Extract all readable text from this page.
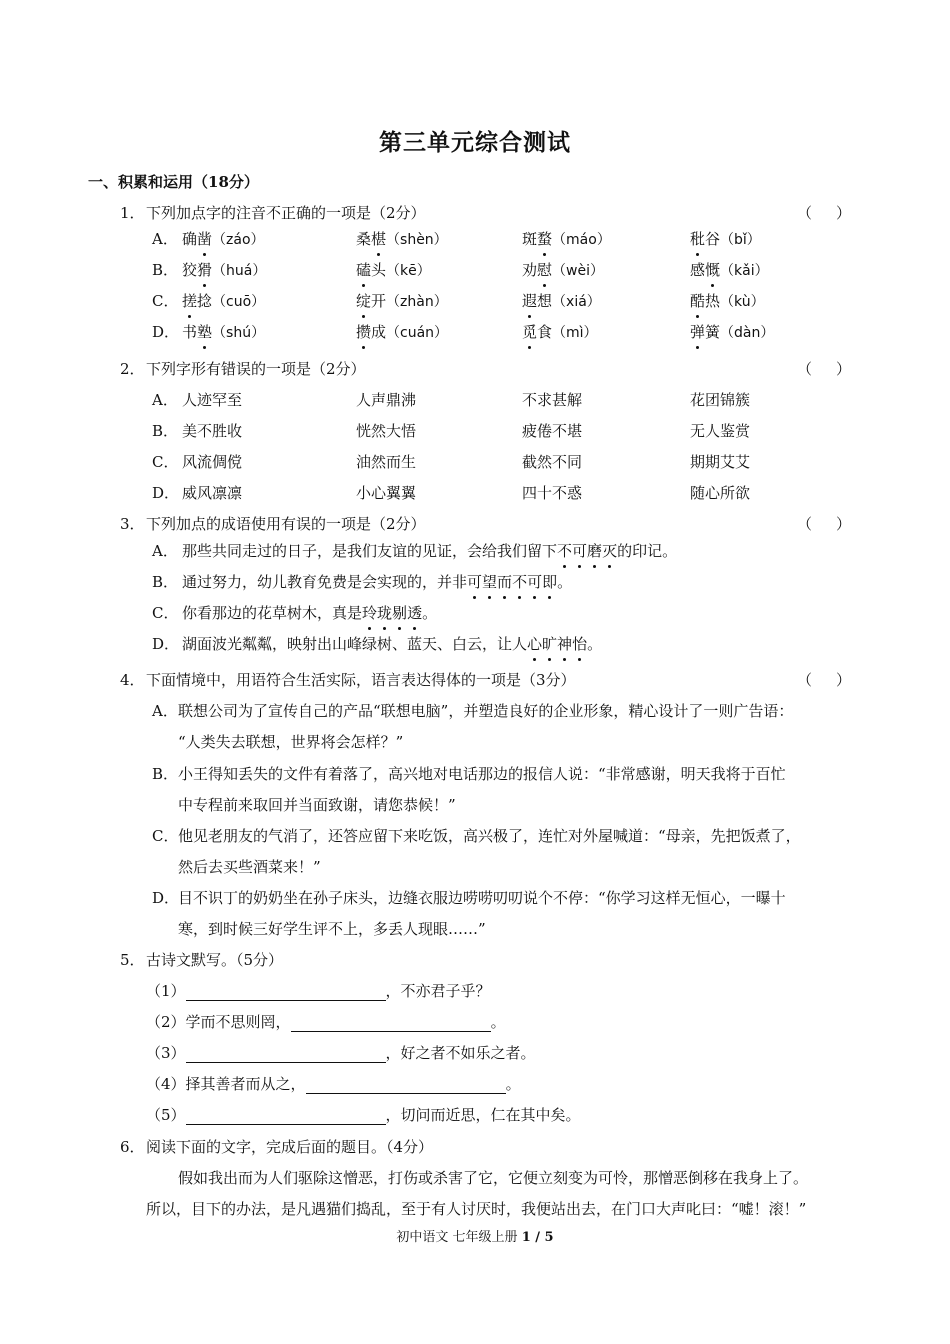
第三单元综合测试
一、积累和运用（18分）
1． 下列加点字的注音不正确的一项是（2分）	（ ）
A． 确凿（záo）	桑椹（shèn）	斑蝥（máo）	秕谷（bǐ）
B． 狡猾（huá）	磕头（kē）	劝慰（wèi）	感慨（kǎi）
C． 搓捻（cuō）	绽开（zhàn）	遐想（xiá）	酷热（kù）
D． 书塾（shú）	攒成（cuán）	觅食（mì）	弹簧（dàn）
2． 下列字形有错误的一项是（2分）	（ ）
A． 人迹罕至	人声鼎沸	不求甚解	花团锦簇
B． 美不胜收	恍然大悟	疲倦不堪	无人鉴赏
C． 风流倜傥	油然而生	截然不同	期期艾艾
D． 威风凛凛	小心翼翼	四十不惑	随心所欲
3． 下列加点的成语使用有误的一项是（2分）	（ ）
A． 那些共同走过的日子，是我们友谊的见证，会给我们留下不可磨灭的印记。
B． 通过努力，幼儿教育免费是会实现的，并非可望而不可即。
C． 你看那边的花草树木，真是玲珑剔透。
D． 湖面波光粼粼，映射出山峰绿树、蓝天、白云，让人心旷神怡。
4． 下面情境中，用语符合生活实际，语言表达得体的一项是（3分）	（ ）
A． 联想公司为了宣传自己的产品“联想电脑”，并塑造良好的企业形象，精心设计了一则广告语：
“人类失去联想，世界将会怎样？”
B． 小王得知丢失的文件有着落了，高兴地对电话那边的报信人说：“非常感谢，明天我将于百忙
中专程前来取回并当面致谢，请您恭候！”
C． 他见老朋友的气消了，还答应留下来吃饭，高兴极了，连忙对外屋喊道：“母亲，先把饭煮了，
然后去买些酒菜来！”
D．
目不识丁的奶奶坐在孙子床头，边缝衣服边唠唠叨叨说个不停：“你学习这样无恒心，一曝十
寒，到时候三好学生评不上，多丢人现眼……”
5． 古诗文默写。（5分）
（1）	，不亦君子乎？
（2）学而不思则罔，	。
（3）	，好之者不如乐之者。
（4）择其善者而从之，	。
（5）	，切问而近思，仁在其中矣。
6． 阅读下面的文字，完成后面的题目。（4分）
假如我出而为人们驱除这憎恶，打伤或杀害了它，它便立刻变为可怜，那憎恶倒移在我身上了。
所以，目下的办法，是凡遇猫们捣乱，至于有人讨厌时，我便站出去，在门口大声叱曰：“嘘！滚！”
初中语文 七年级上册 1 / 5
